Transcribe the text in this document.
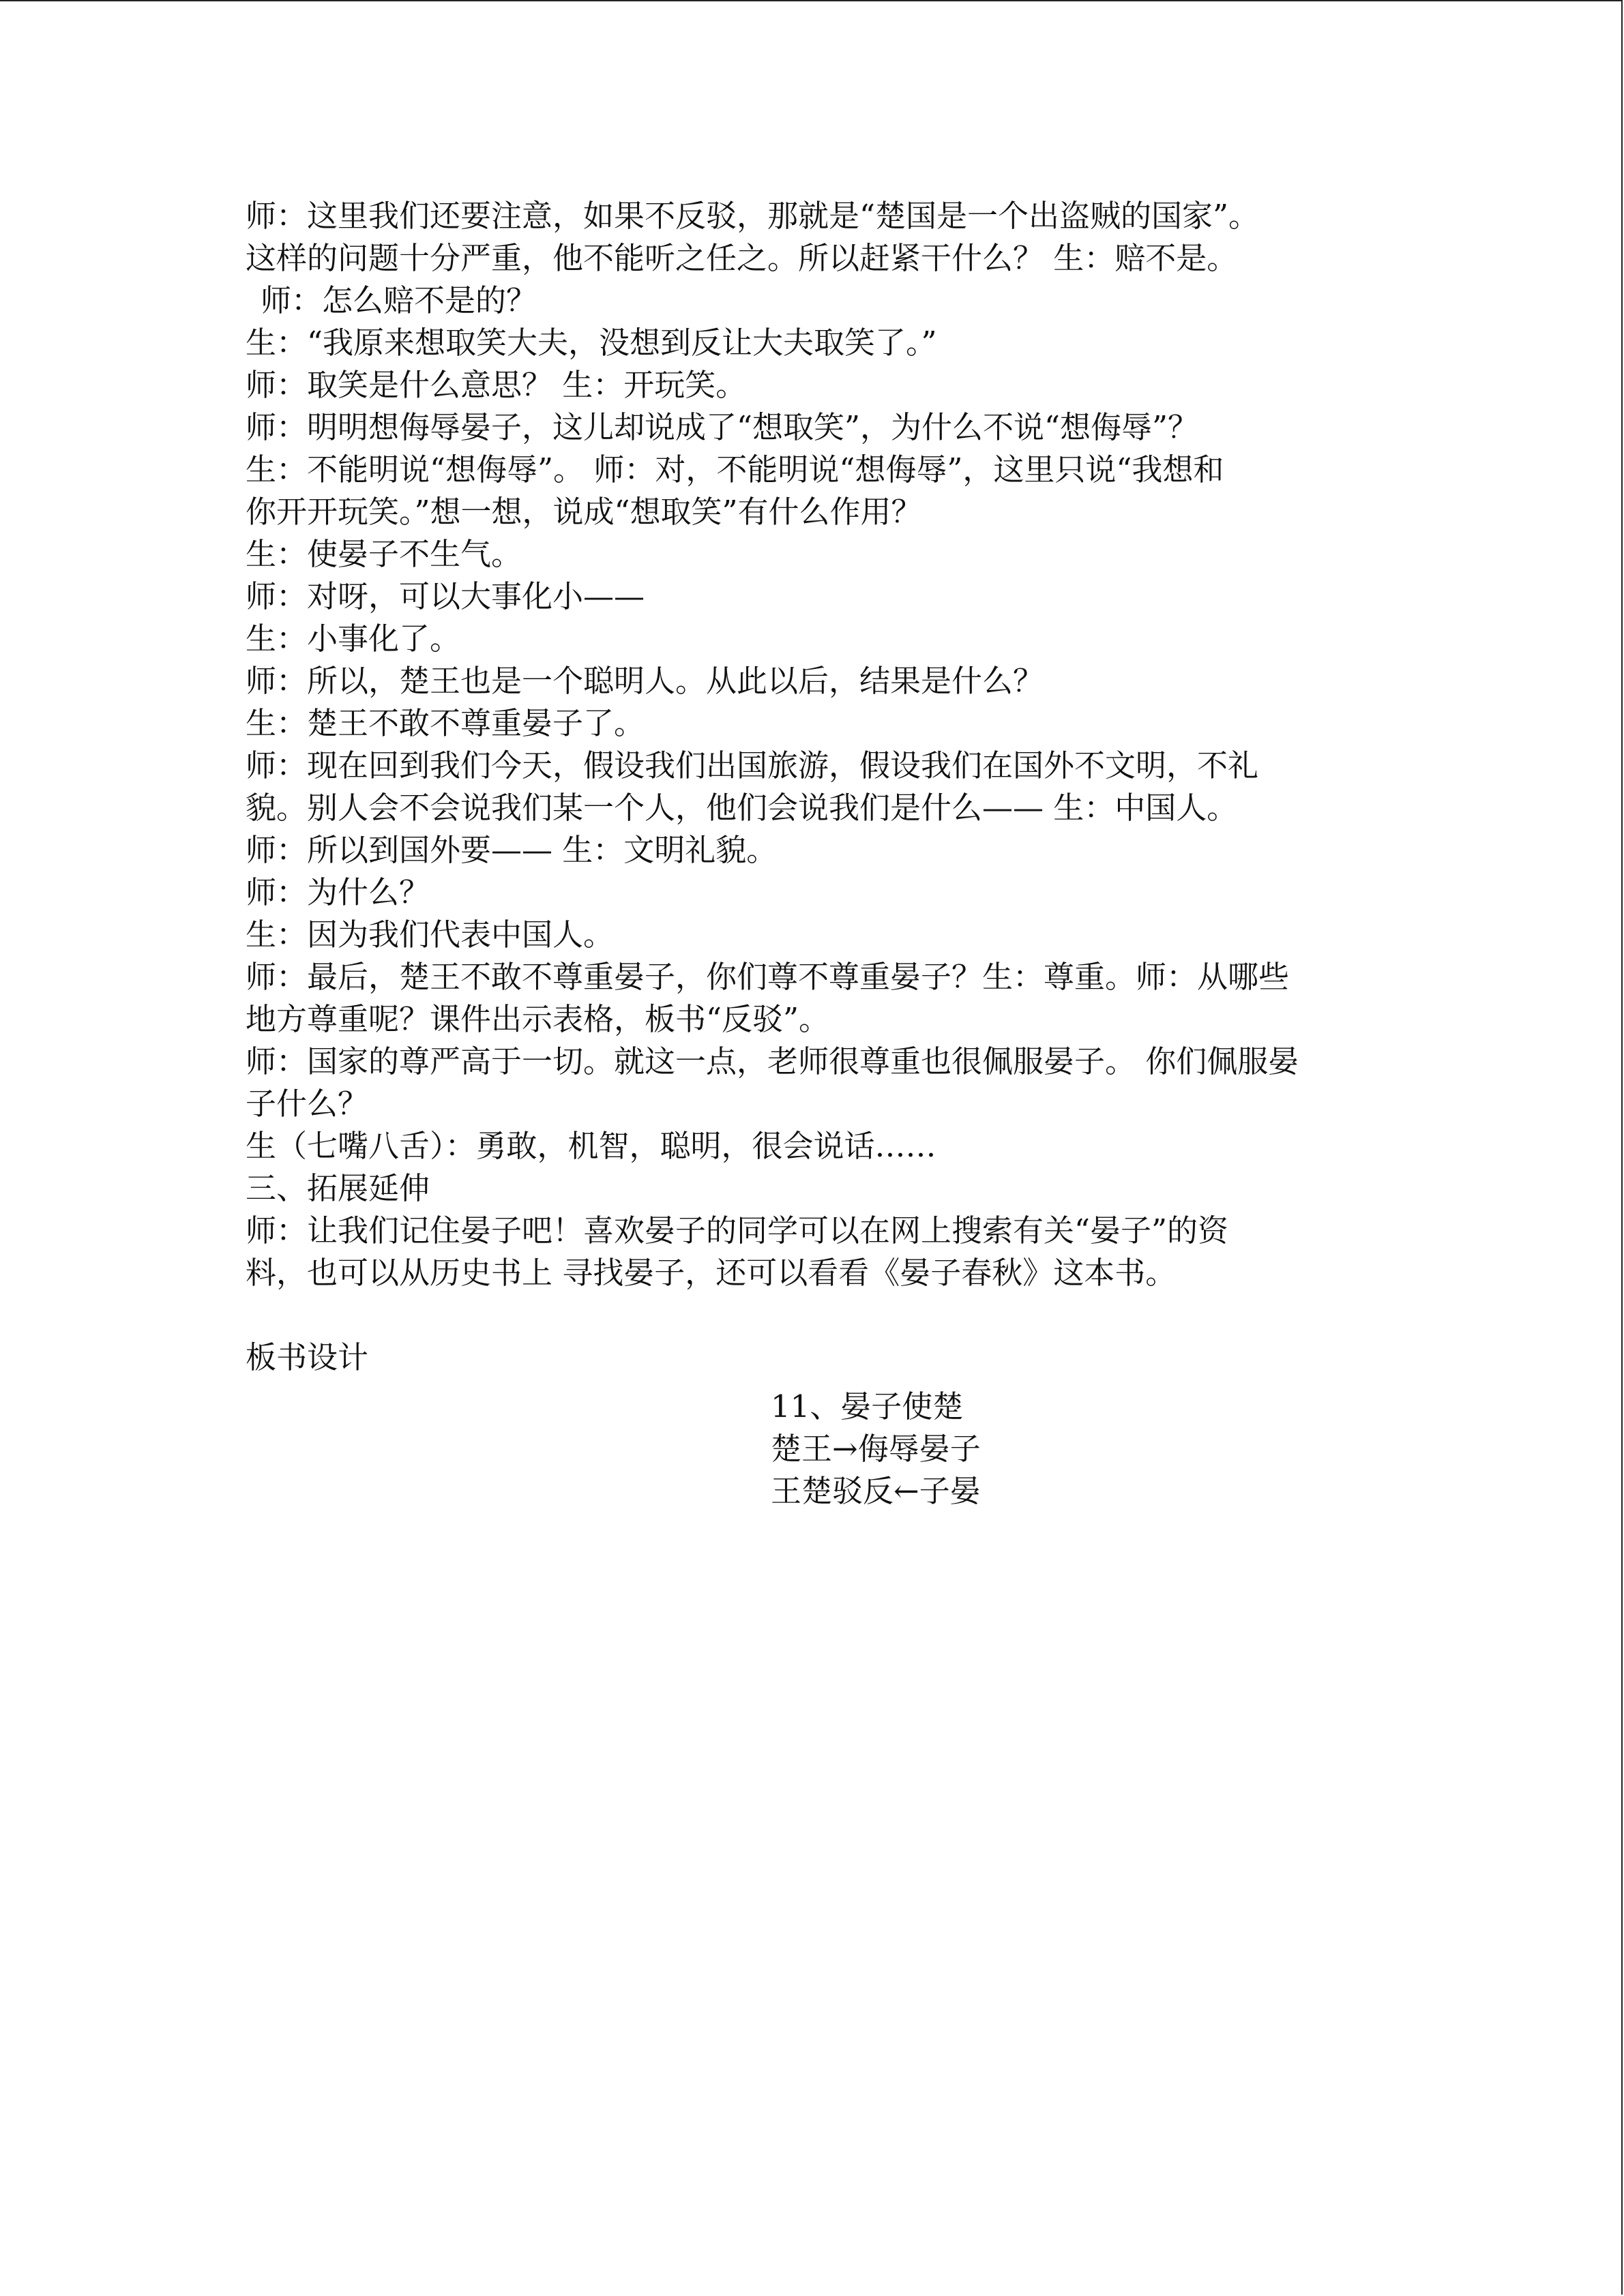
师：这里我们还要注意，如果不反驳，那就是“楚国是一个出盗贼的国家”。
这样的问题十分严重，他不能听之任之。所以赶紧干什么？ 生：赔不是。
师：怎么赔不是的？
生：“我原来想取笑大夫，没想到反让大夫取笑了。”
师：取笑是什么意思？ 生：开玩笑。
师：明明想侮辱晏子，这儿却说成了“想取笑”，为什么不说“想侮辱”？
生：不能明说“想侮辱”。 师：对，不能明说“想侮辱”，这里只说“我想和
你开开玩笑。”想一想，说成“想取笑”有什么作用？
生：使晏子不生气。
师：对呀，可以大事化小——
生：小事化了。
师：所以，楚王也是一个聪明人。从此以后，结果是什么？
生：楚王不敢不尊重晏子了。
师：现在回到我们今天，假设我们出国旅游，假设我们在国外不文明，不礼
貌。别人会不会说我们某一个人，他们会说我们是什么—— 生：中国人。
师：所以到国外要—— 生：文明礼貌。
师：为什么？
生：因为我们代表中国人。
师：最后，楚王不敢不尊重晏子，你们尊不尊重晏子？生：尊重。师：从哪些
地方尊重呢？课件出示表格，板书“反驳”。
师：国家的尊严高于一切。就这一点，老师很尊重也很佩服晏子。 你们佩服晏
子什么？
生（七嘴八舌）：勇敢，机智，聪明，很会说话……
三、拓展延伸
师：让我们记住晏子吧！喜欢晏子的同学可以在网上搜索有关“晏子”的资
料，也可以从历史书上 寻找晏子，还可以看看《晏子春秋》这本书。
板书设计
11、晏子使楚
楚王→侮辱晏子
王楚驳反←子晏
